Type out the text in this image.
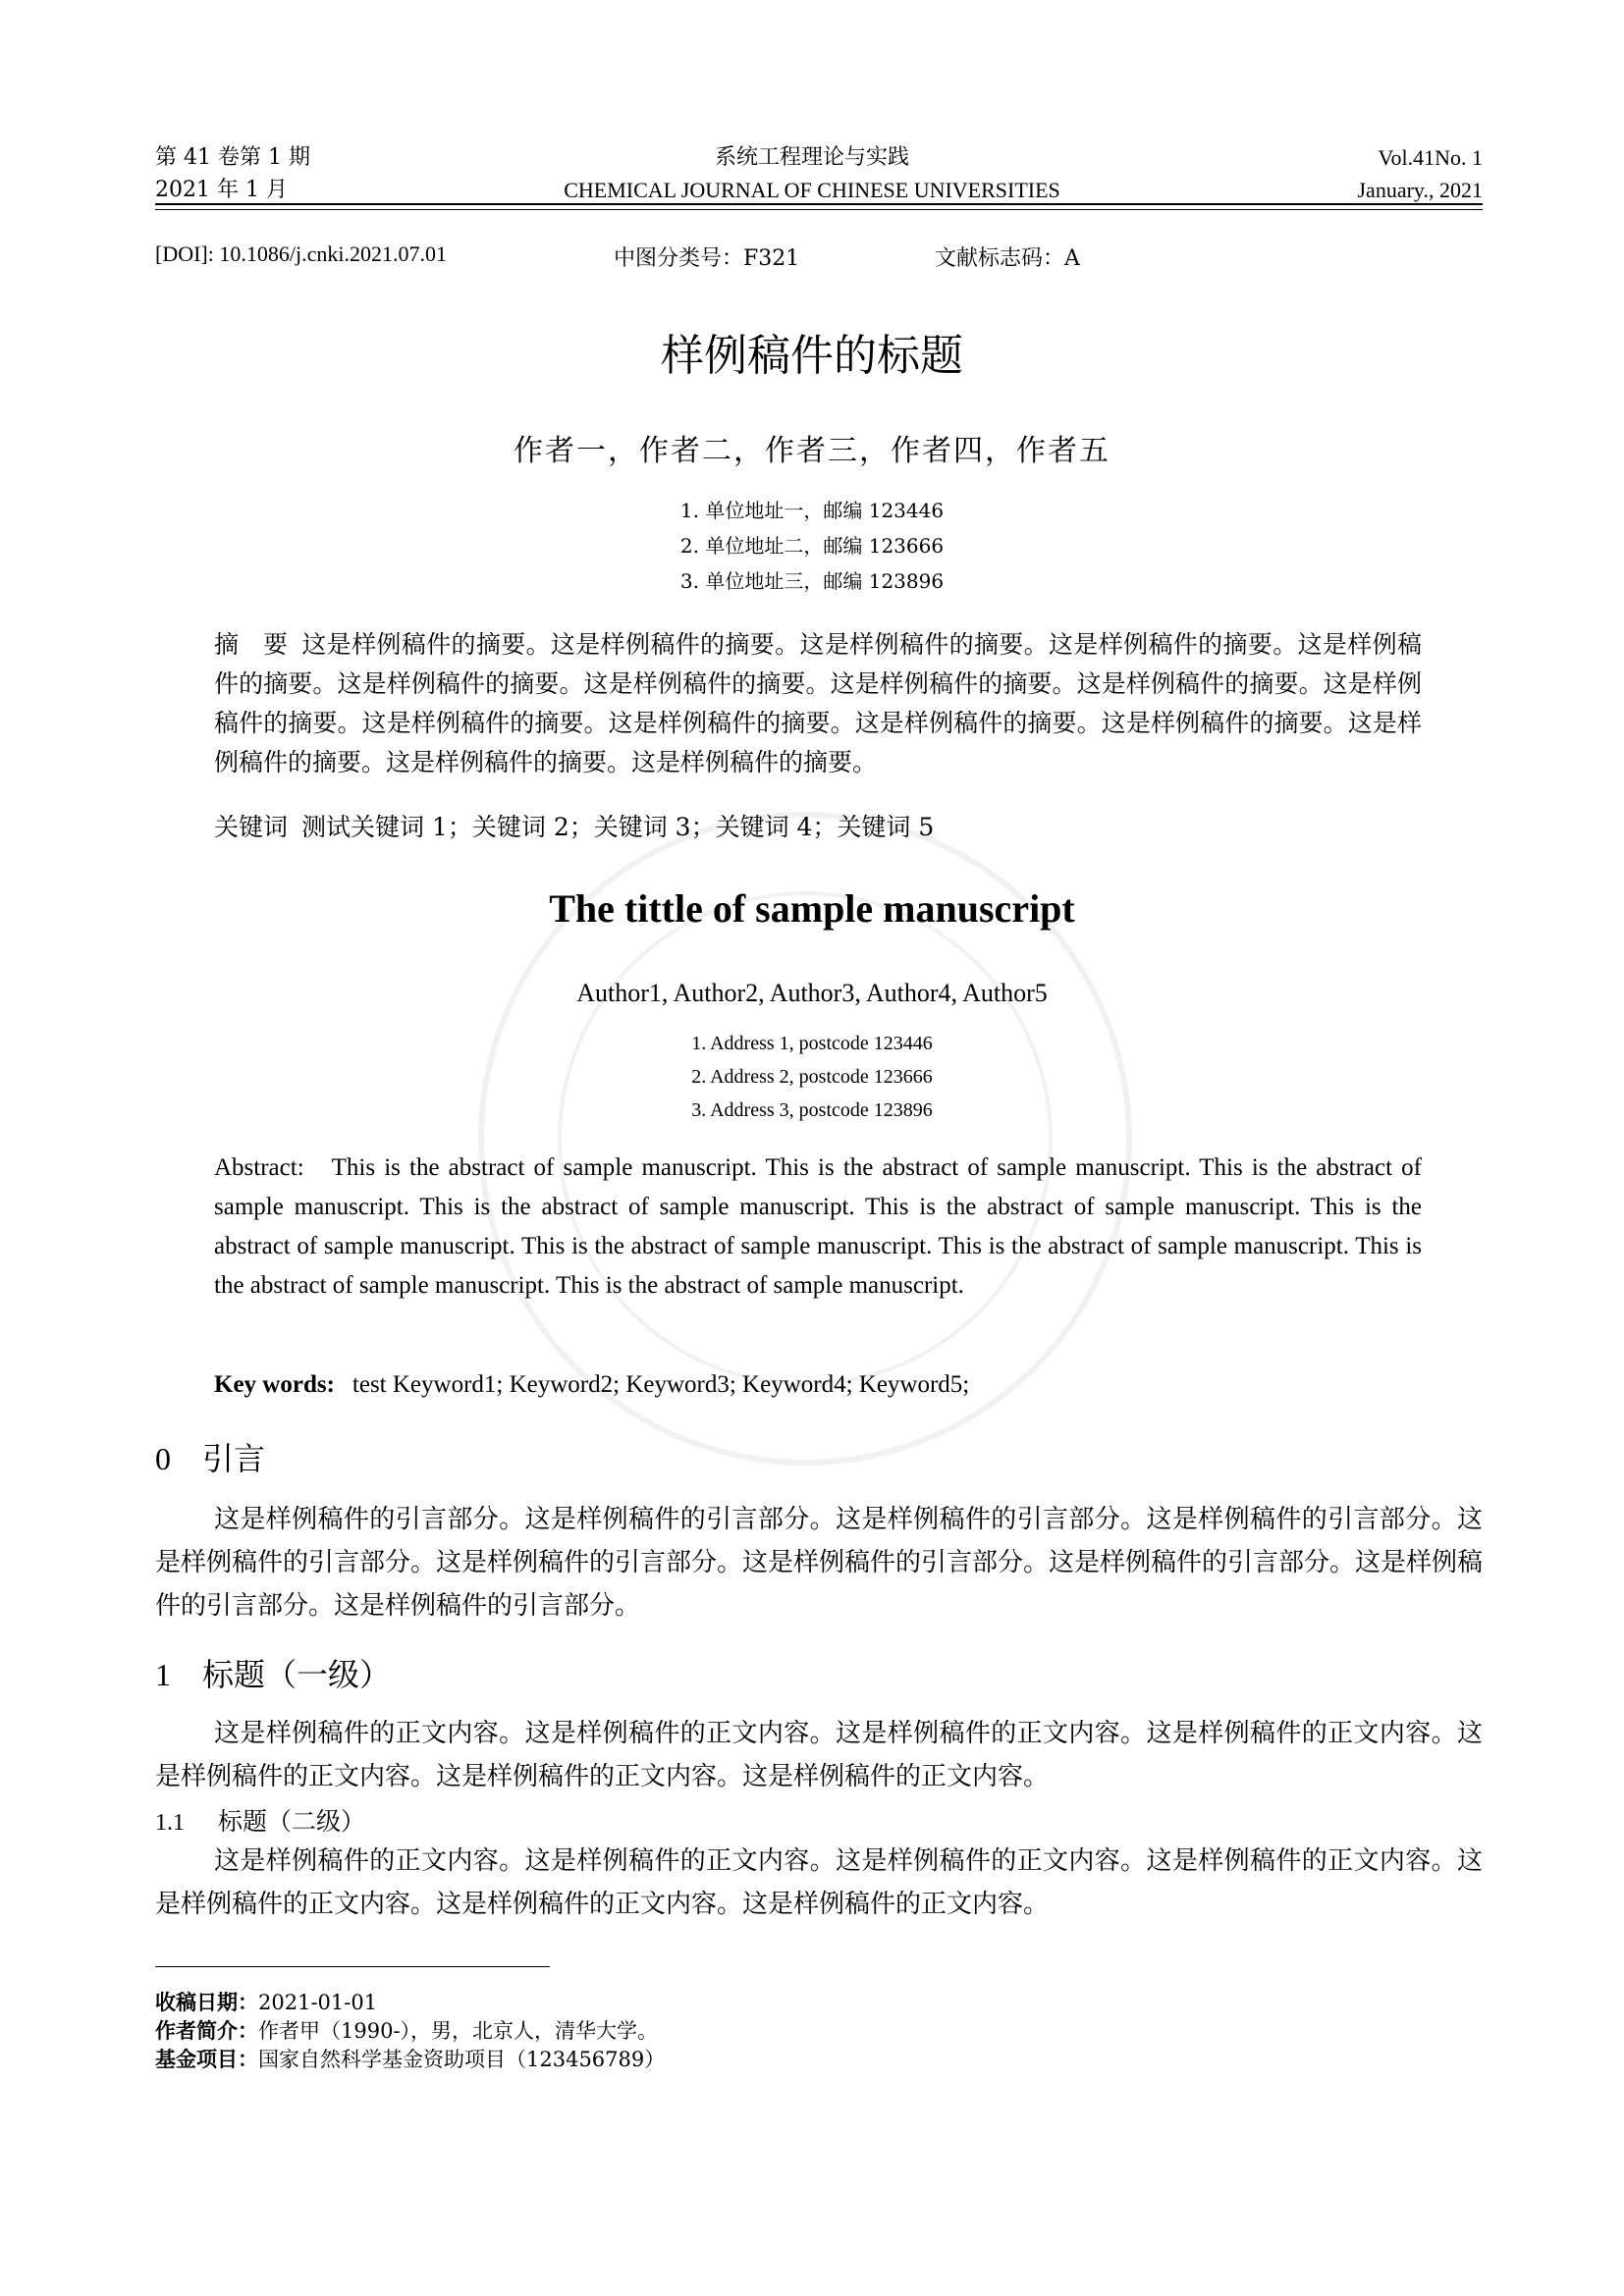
第 41 卷第 1 期
2021 年 1 月
系统工程理论与实践
CHEMICAL JOURNAL OF CHINESE UNIVERSITIES
Vol.41No. 1
January., 2021
[DOI]: 10.1086/j.cnki.2021.07.01	中图分类号：F321	文献标志码：A
样例稿件的标题
作者一，作者二，作者三，作者四，作者五
1. 单位地址一，邮编 123446
2. 单位地址二，邮编 123666
3. 单位地址三，邮编 123896
摘　要 这是样例稿件的摘要。这是样例稿件的摘要。这是样例稿件的摘要。这是样例稿件的摘要。这是样例稿件的摘要。这是样例稿件的摘要。这是样例稿件的摘要。这是样例稿件的摘要。这是样例稿件的摘要。这是样例稿件的摘要。这是样例稿件的摘要。这是样例稿件的摘要。这是样例稿件的摘要。这是样例稿件的摘要。这是样例稿件的摘要。这是样例稿件的摘要。这是样例稿件的摘要。
关键词 测试关键词 1；关键词 2；关键词 3；关键词 4；关键词 5
The tittle of sample manuscript
Author1, Author2, Author3, Author4, Author5
1. Address 1, postcode 123446
2. Address 2, postcode 123666
3. Address 3, postcode 123896
Abstract: This is the abstract of sample manuscript. This is the abstract of sample manuscript. This is the abstract of sample manuscript. This is the abstract of sample manuscript. This is the abstract of sample manuscript. This is the abstract of sample manuscript. This is the abstract of sample manuscript. This is the abstract of sample manuscript. This is the abstract of sample manuscript. This is the abstract of sample manuscript.
Key words: test Keyword1; Keyword2; Keyword3; Keyword4; Keyword5;
0 引言
这是样例稿件的引言部分。这是样例稿件的引言部分。这是样例稿件的引言部分。这是样例稿件的引言部分。这是样例稿件的引言部分。这是样例稿件的引言部分。这是样例稿件的引言部分。这是样例稿件的引言部分。这是样例稿件的引言部分。这是样例稿件的引言部分。
1 标题（一级）
这是样例稿件的正文内容。这是样例稿件的正文内容。这是样例稿件的正文内容。这是样例稿件的正文内容。这是样例稿件的正文内容。这是样例稿件的正文内容。这是样例稿件的正文内容。
1.1 标题（二级）
这是样例稿件的正文内容。这是样例稿件的正文内容。这是样例稿件的正文内容。这是样例稿件的正文内容。这是样例稿件的正文内容。这是样例稿件的正文内容。这是样例稿件的正文内容。
收稿日期：2021-01-01
作者简介：作者甲（1990-），男，北京人，清华大学。
基金项目：国家自然科学基金资助项目（123456789）
